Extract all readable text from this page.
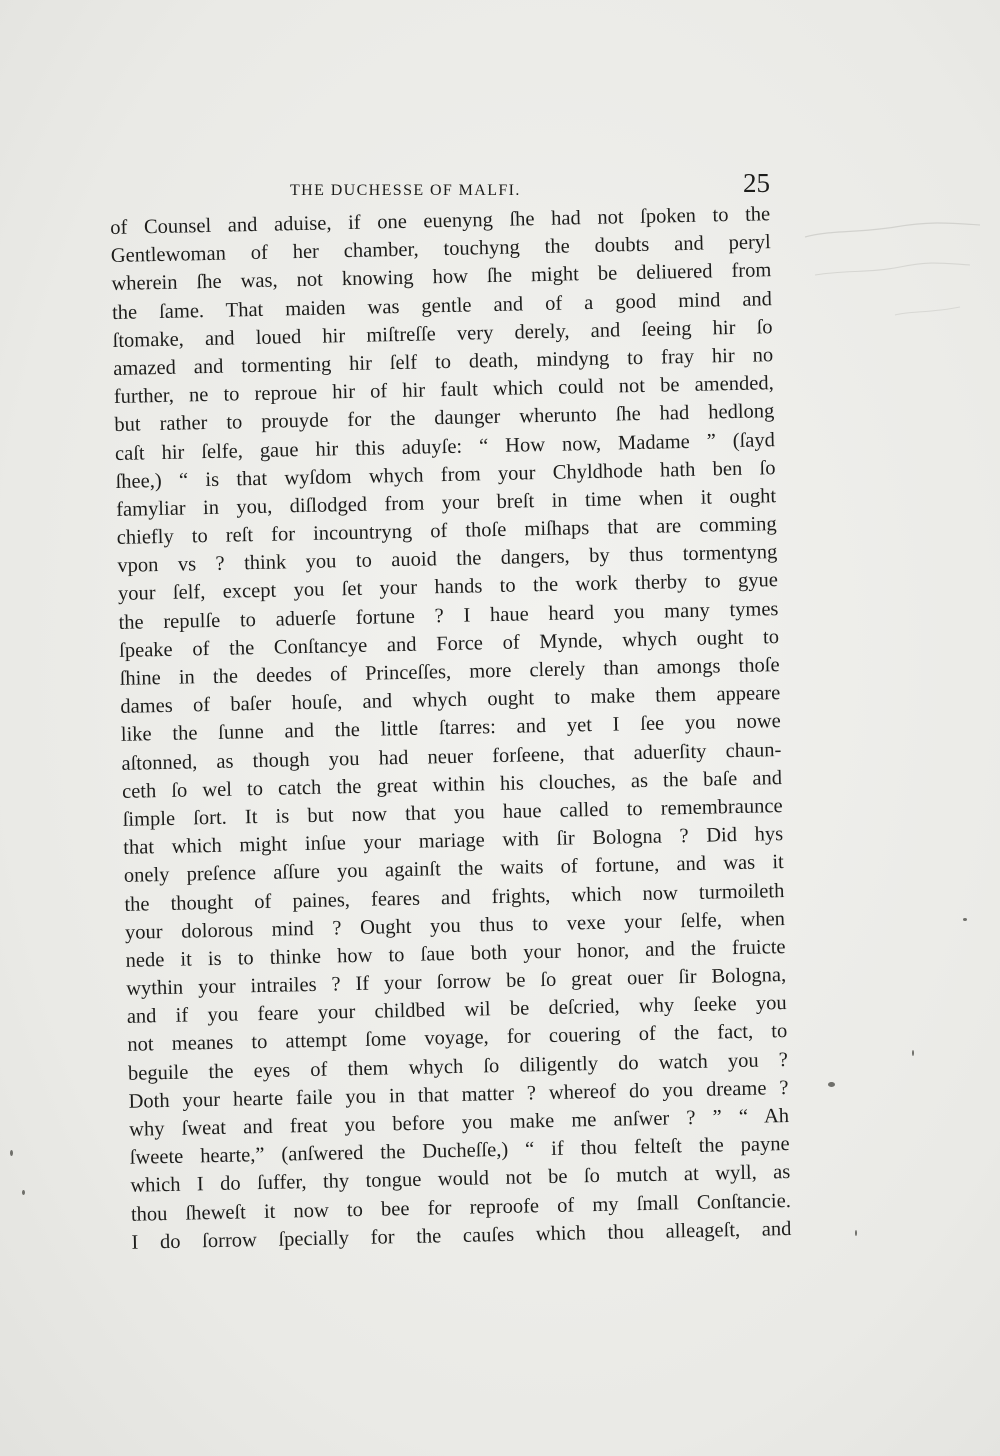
THE DUCHESSE OF MALFI.	25
of Counsel and aduise, if one euenyng ſhe had not ſpoken to the
Gentlewoman of her chamber, touchyng the doubts and peryl
wherein ſhe was, not knowing how ſhe might be deliuered from
the ſame. That maiden was gentle and of a good mind and
ſtomake, and loued hir miſtreſſe very derely, and ſeeing hir ſo
amazed and tormenting hir ſelf to death, mindyng to fray hir no
further, ne to reproue hir of hir fault which could not be amended,
but rather to prouyde for the daunger wherunto ſhe had hedlong
caſt hir ſelfe, gaue hir this aduyſe: “ How now, Madame ” (ſayd
ſhee,) “ is that wyſdom whych from your Chyldhode hath ben ſo
famyliar in you, diſlodged from your breſt in time when it ought
chiefly to reſt for incountryng of thoſe miſhaps that are comming
vpon vs ? think you to auoid the dangers, by thus tormentyng
your ſelf, except you ſet your hands to the work therby to gyue
the repulſe to aduerſe fortune ? I haue heard you many tymes
ſpeake of the Conſtancye and Force of Mynde, whych ought to
ſhine in the deedes of Princeſſes, more clerely than amongs thoſe
dames of baſer houſe, and whych ought to make them appeare
like the ſunne and the little ſtarres: and yet I ſee you nowe
aſtonned, as though you had neuer forſeene, that aduerſity chaun-
ceth ſo wel to catch the great within his clouches, as the baſe and
ſimple ſort. It is but now that you haue called to remembraunce
that which might inſue your mariage with ſir Bologna ? Did hys
onely preſence aſſure you againſt the waits of fortune, and was it
the thought of paines, feares and frights, which now turmoileth
your dolorous mind ? Ought you thus to vexe your ſelfe, when
nede it is to thinke how to ſaue both your honor, and the fruicte
wythin your intrailes ? If your ſorrow be ſo great ouer ſir Bologna,
and if you feare your childbed wil be deſcried, why ſeeke you
not meanes to attempt ſome voyage, for couering of the fact, to
beguile the eyes of them whych ſo diligently do watch you ?
Doth your hearte faile you in that matter ? whereof do you dreame ?
why ſweat and freat you before you make me anſwer ? ” “ Ah
ſweete hearte,” (anſwered the Ducheſſe,) “ if thou felteſt the payne
which I do ſuffer, thy tongue would not be ſo mutch at wyll, as
thou ſheweſt it now to bee for reproofe of my ſmall Conſtancie.
I do ſorrow ſpecially for the cauſes which thou alleageſt, and
